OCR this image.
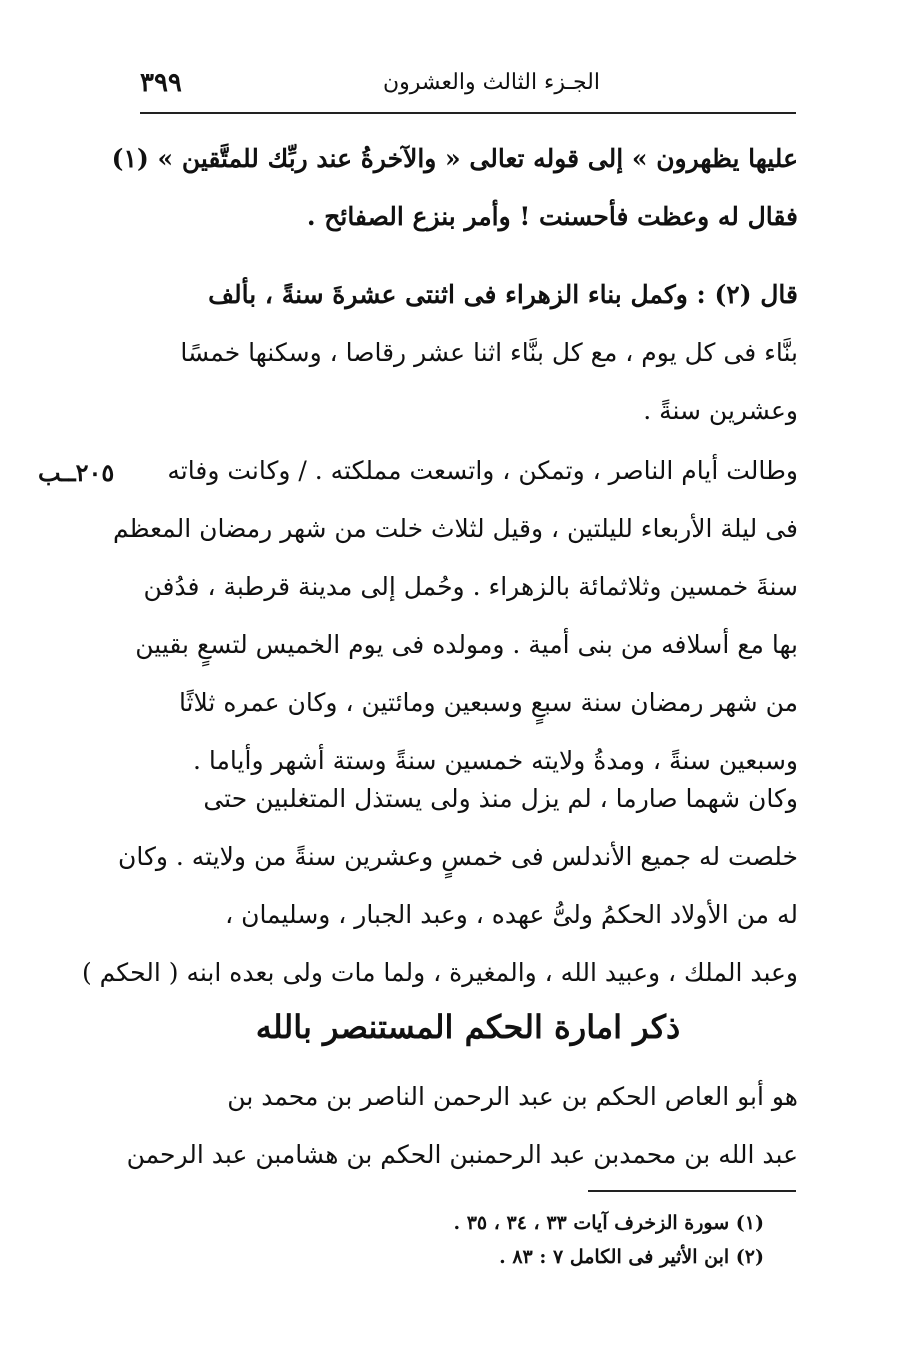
٣٩٩	الجـزء الثالث والعشرون
عليها يظهرون » إلى قوله تعالى « والآخرةُ عند ربِّك للمتَّقين » (١)
فقال له وعظت فأحسنت ! وأمر بنزع الصفائح .
قال (٢) : وكمل بناء الزهراء فى اثنتى عشرةَ سنةً ، بألف
بنَّاء فى كل يوم ، مع كل بنَّاء اثنا عشر رقاصا ، وسكنها خمسًا
وعشرين سنةً .
٢٠٥ــب	وطالت أيام الناصر ، وتمكن ، واتسعت مملكته . / وكانت وفاته
فى ليلة الأربعاء لليلتين ، وقيل لثلاث خلت من شهر رمضان المعظم
سنةَ خمسين وثلاثمائة بالزهراء . وحُمل إلى مدينة قرطبة ، فدُفن
بها مع أسلافه من بنى أمية . ومولده فى يوم الخميس لتسعٍ بقيين
من شهر رمضان سنة سبعٍ وسبعين ومائتين ، وكان عمره ثلاثًا
وسبعين سنةً ، ومدةُ ولايته خمسين سنةً وستة أشهر وأياما .
وكان شهما صارما ، لم يزل منذ ولى يستذل المتغلبين حتى
خلصت له جميع الأندلس فى خمسٍ وعشرين سنةً من ولايته . وكان
له من الأولاد الحكمُ ولىُّ عهده ، وعبد الجبار ، وسليمان ،
وعبد الملك ، وعبيد الله ، والمغيرة ، ولما مات ولى بعده ابنه ( الحكم )
ذكر امارة الحكم المستنصر بالله
هو أبو العاص الحكم بن عبد الرحمن الناصر بن محمد بن
عبد الله بن محمدبن عبد الرحمنبن الحكم بن هشامبن عبد الرحمن
(١) سورة الزخرف آيات ٣٣ ، ٣٤ ، ٣٥ .
(٢) ابن الأثير فى الكامل ٧ : ٨٣ .
